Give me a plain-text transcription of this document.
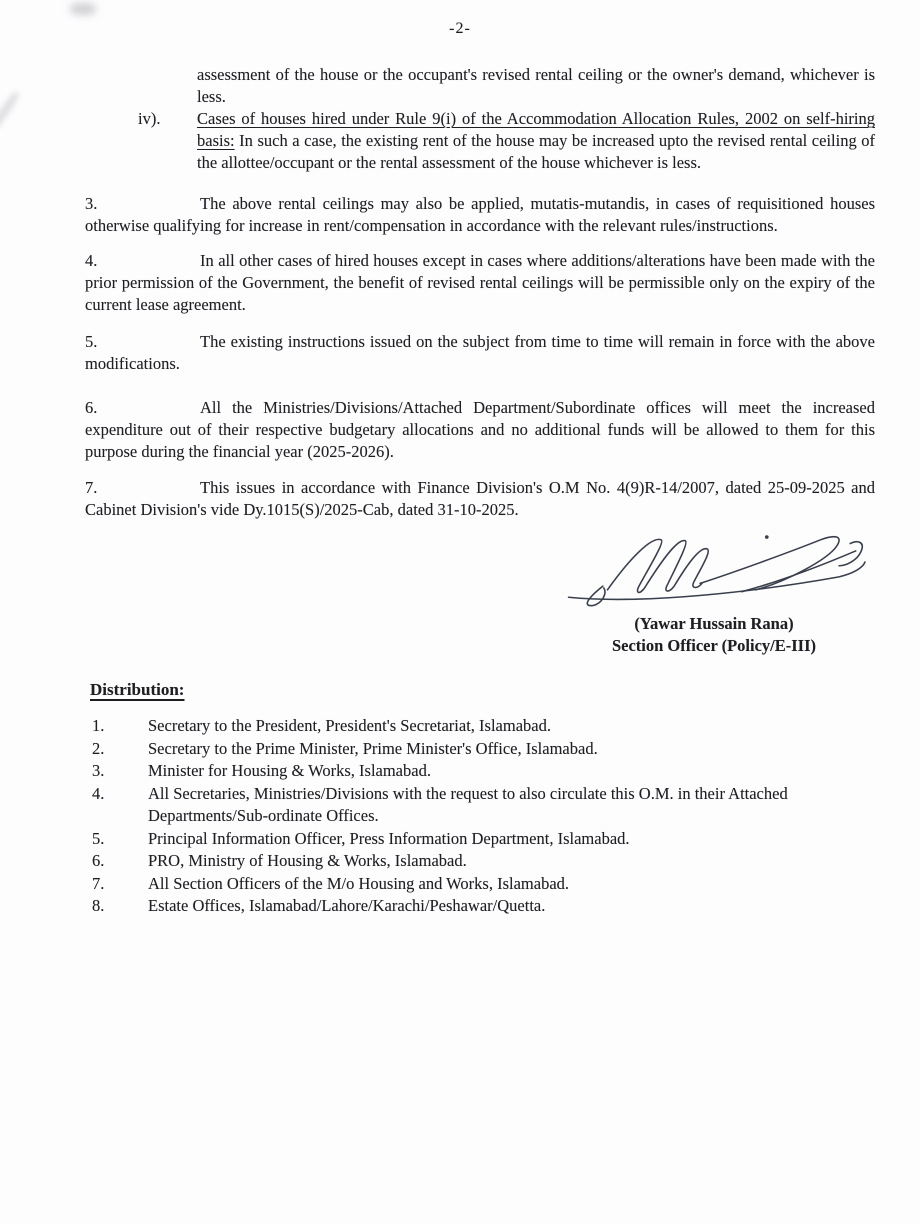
-2-
assessment of the house or the occupant's revised rental ceiling or the owner's demand, whichever is less.
iv). Cases of houses hired under Rule 9(i) of the Accommodation Allocation Rules, 2002 on self-hiring basis: In such a case, the existing rent of the house may be increased upto the revised rental ceiling of the allottee/occupant or the rental assessment of the house whichever is less.

3.	The above rental ceilings may also be applied, mutatis-mutandis, in cases of requisitioned houses otherwise qualifying for increase in rent/compensation in accordance with the relevant rules/instructions.

4.	In all other cases of hired houses except in cases where additions/alterations have been made with the prior permission of the Government, the benefit of revised rental ceilings will be permissible only on the expiry of the current lease agreement.

5.	The existing instructions issued on the subject from time to time will remain in force with the above modifications.

6.	All the Ministries/Divisions/Attached Department/Subordinate offices will meet the increased expenditure out of their respective budgetary allocations and no additional funds will be allowed to them for this purpose during the financial year (2025-2026).

7.	This issues in accordance with Finance Division's O.M No. 4(9)R-14/2007, dated 25-09-2025 and Cabinet Division's vide Dy.1015(S)/2025-Cab, dated 31-10-2025.

(Yawar Hussain Rana)
Section Officer (Policy/E-III)
Distribution:
1.	Secretary to the President, President's Secretariat, Islamabad.
2.	Secretary to the Prime Minister, Prime Minister's Office, Islamabad.
3.	Minister for Housing & Works, Islamabad.
4.	All Secretaries, Ministries/Divisions with the request to also circulate this O.M. in their Attached Departments/Sub-ordinate Offices.
5.	Principal Information Officer, Press Information Department, Islamabad.
6.	PRO, Ministry of Housing & Works, Islamabad.
7.	All Section Officers of the M/o Housing and Works, Islamabad.
8.	Estate Offices, Islamabad/Lahore/Karachi/Peshawar/Quetta.
